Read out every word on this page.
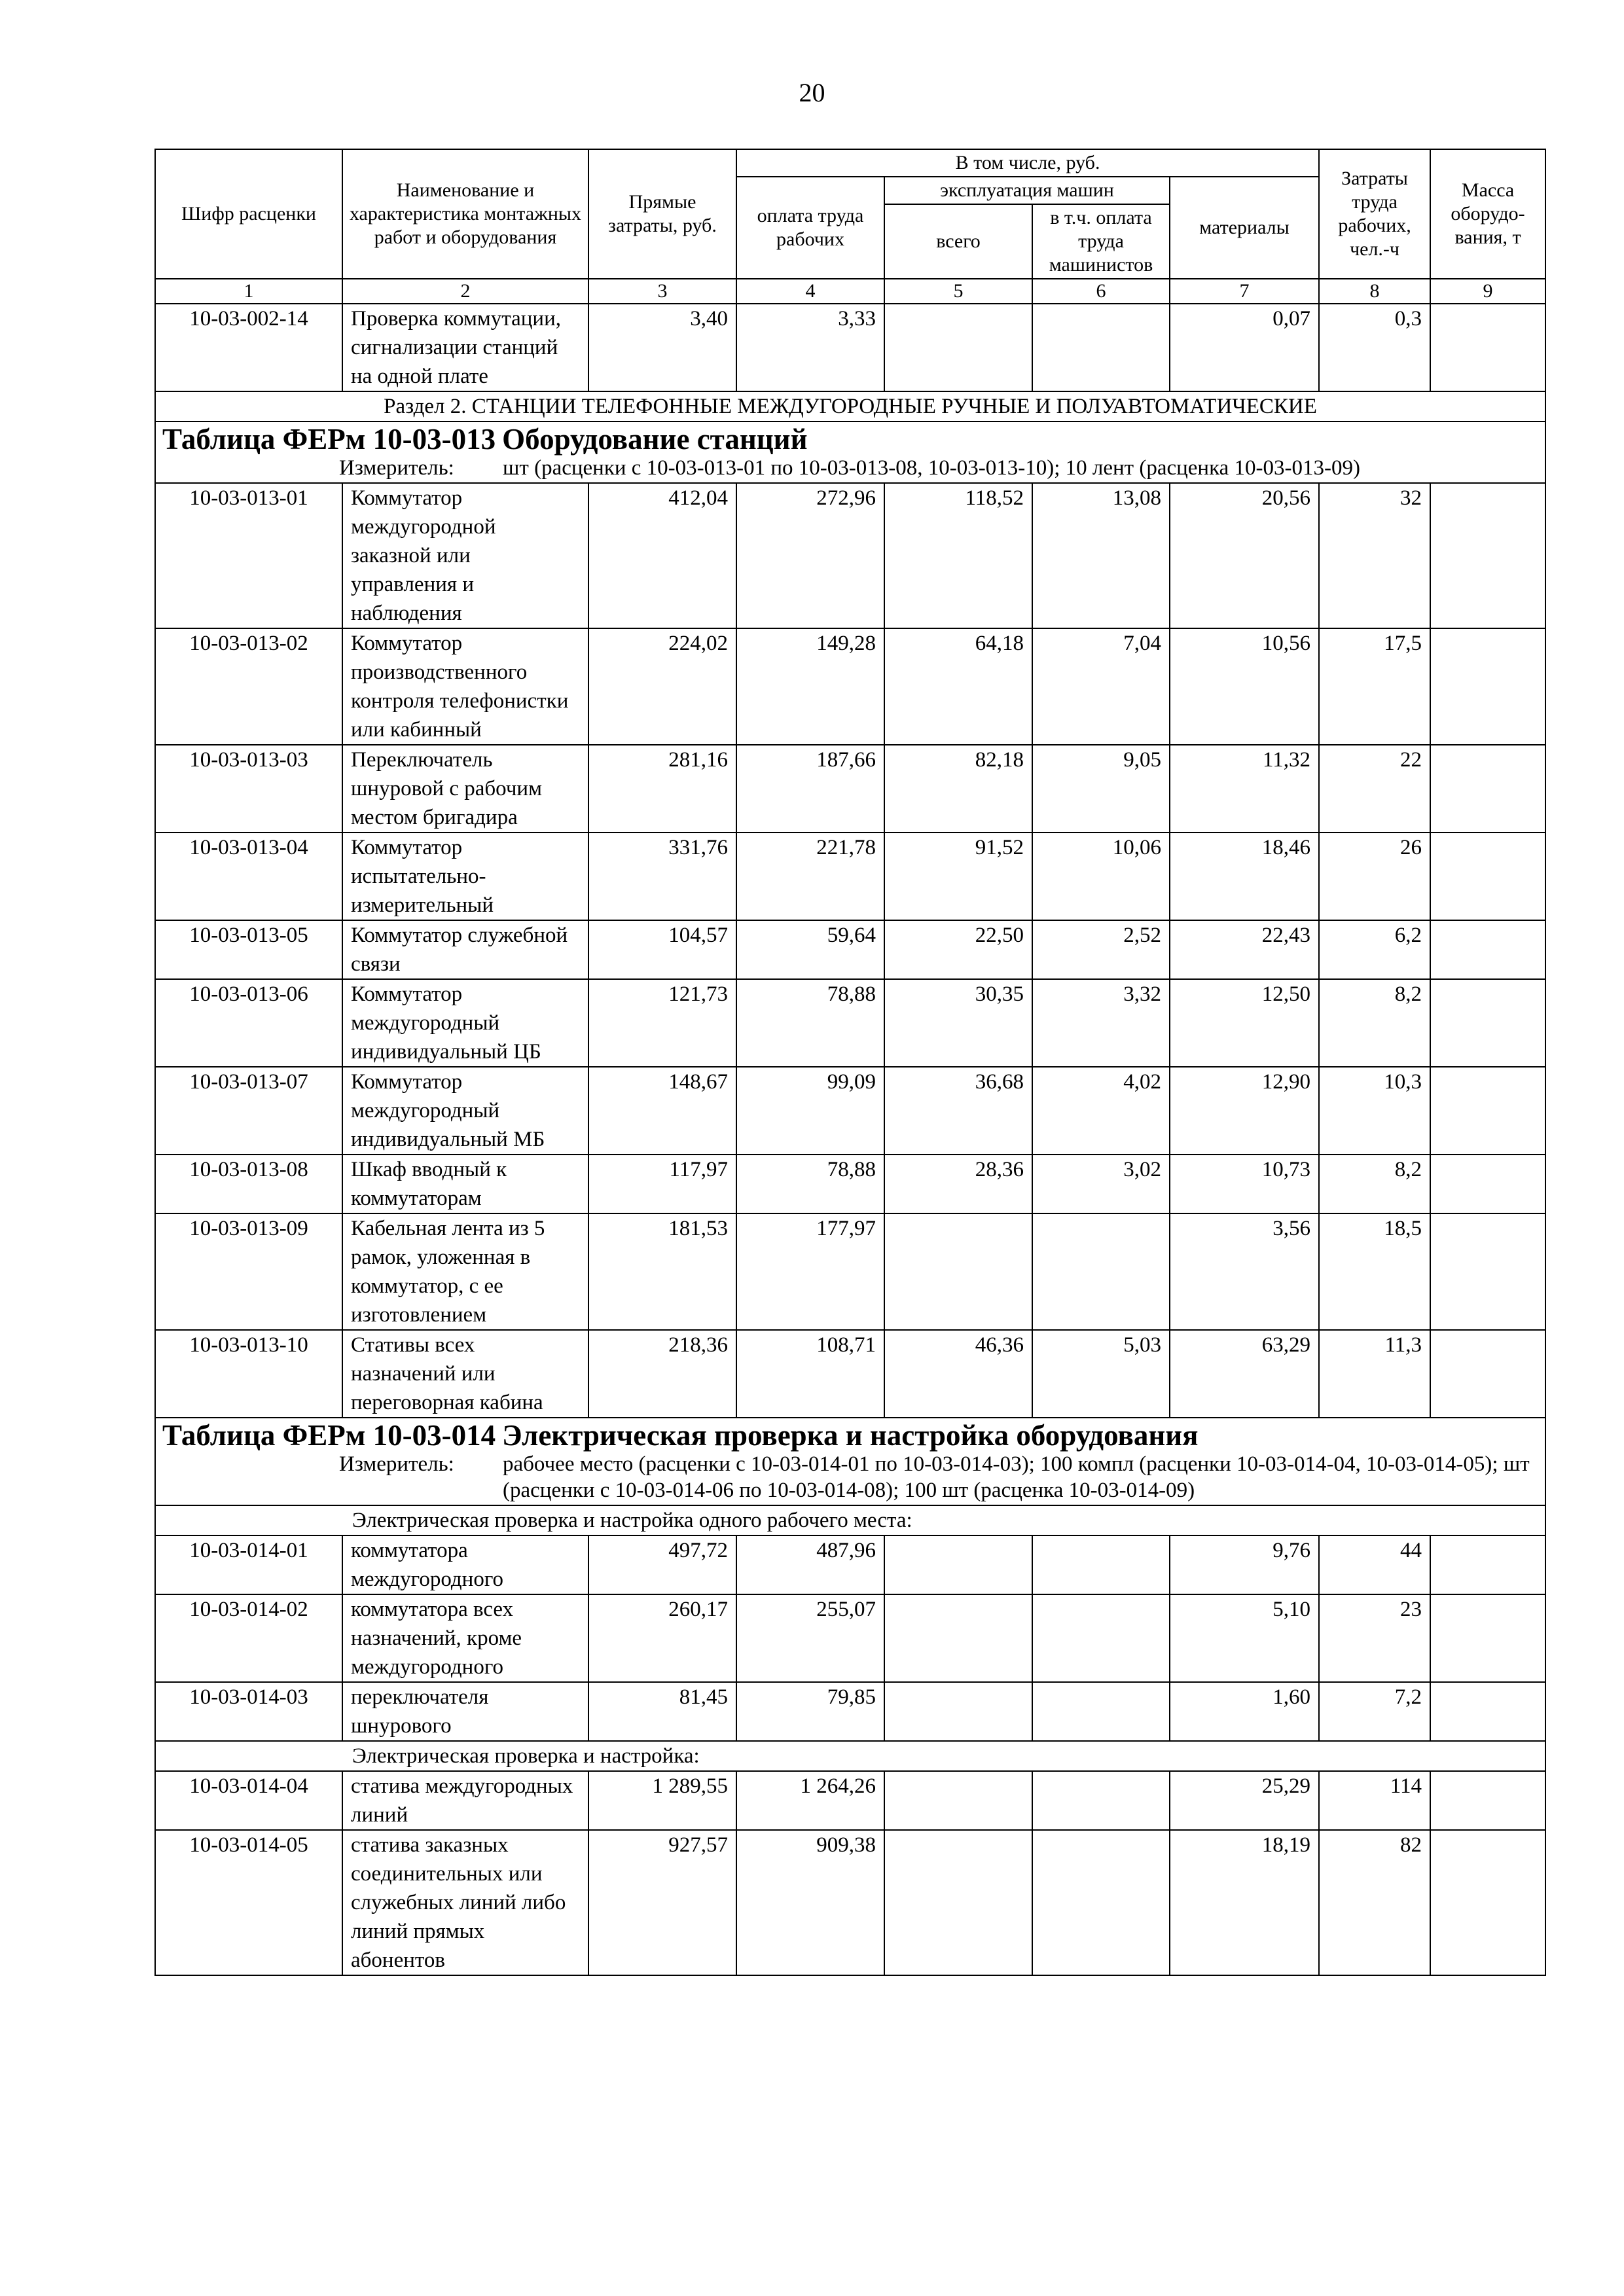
20
Шифр расценки	Наименование и характеристика монтажных работ и оборудования	Прямые затраты, руб.	В том числе, руб.				Затраты труда рабочих, чел.-ч	Масса оборудо-вания, т
			оплата труда рабочих	эксплуатация машин		материалы		
				всего	в т.ч. оплата труда машинистов			
1	2	3	4	5	6	7	8	9
10-03-002-14	Проверка коммутации, сигнализации станций на одной плате	3,40	3,33			0,07	0,3	
Раздел 2. СТАНЦИИ ТЕЛЕФОННЫЕ МЕЖДУГОРОДНЫЕ РУЧНЫЕ И ПОЛУАВТОМАТИЧЕСКИЕ								

Таблица ФЕРм 10-03-013 Оборудование станций
Измеритель: шт (расценки с 10-03-013-01 по 10-03-013-08, 10-03-013-10); 10 лент (расценка 10-03-013-09)								

10-03-013-01	Коммутатор междугородной заказной или управления и наблюдения	412,04	272,96	118,52	13,08	20,56	32	
10-03-013-02	Коммутатор производственного контроля телефонистки или кабинный	224,02	149,28	64,18	7,04	10,56	17,5	
10-03-013-03	Переключатель шнуровой с рабочим местом бригадира	281,16	187,66	82,18	9,05	11,32	22	
10-03-013-04	Коммутатор испытательно-измерительный	331,76	221,78	91,52	10,06	18,46	26	
10-03-013-05	Коммутатор служебной связи	104,57	59,64	22,50	2,52	22,43	6,2	
10-03-013-06	Коммутатор междугородный индивидуальный ЦБ	121,73	78,88	30,35	3,32	12,50	8,2	
10-03-013-07	Коммутатор междугородный индивидуальный МБ	148,67	99,09	36,68	4,02	12,90	10,3	
10-03-013-08	Шкаф вводный к коммутаторам	117,97	78,88	28,36	3,02	10,73	8,2	
10-03-013-09	Кабельная лента из 5 рамок, уложенная в коммутатор, с ее изготовлением	181,53	177,97			3,56	18,5	
10-03-013-10	Стативы всех назначений или переговорная кабина	218,36	108,71	46,36	5,03	63,29	11,3	

Таблица ФЕРм 10-03-014 Электрическая проверка и настройка оборудования
Измеритель: рабочее место (расценки с 10-03-014-01 по 10-03-014-03); 100 компл (расценки 10-03-014-04, 10-03-014-05); шт (расценки с 10-03-014-06 по 10-03-014-08); 100 шт (расценка 10-03-014-09)								

Электрическая проверка и настройка одного рабочего места:								
10-03-014-01	коммутатора междугородного	497,72	487,96			9,76	44	
10-03-014-02	коммутатора всех назначений, кроме междугородного	260,17	255,07			5,10	23	
10-03-014-03	переключателя шнурового	81,45	79,85			1,60	7,2	
Электрическая проверка и настройка:								
10-03-014-04	статива междугородных линий	1 289,55	1 264,26			25,29	114	
10-03-014-05	статива заказных соединительных или служебных линий либо линий прямых абонентов	927,57	909,38			18,19	82	
